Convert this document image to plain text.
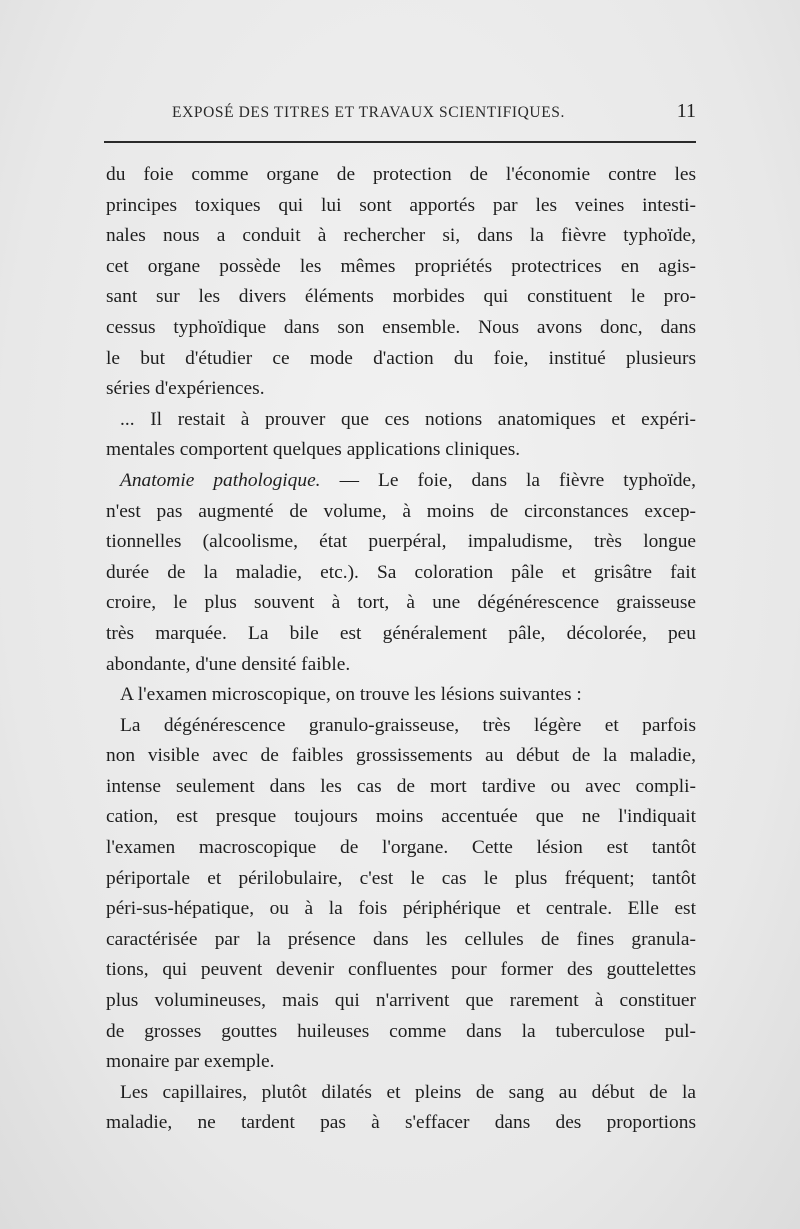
EXPOSÉ DES TITRES ET TRAVAUX SCIENTIFIQUES.	11
du foie comme organe de protection de l'économie contre les
principes toxiques qui lui sont apportés par les veines intesti-
nales nous a conduit à rechercher si, dans la fièvre typhoïde,
cet organe possède les mêmes propriétés protectrices en agis-
sant sur les divers éléments morbides qui constituent le pro-
cessus typhoïdique dans son ensemble. Nous avons donc, dans
le but d'étudier ce mode d'action du foie, institué plusieurs
séries d'expériences.
... Il restait à prouver que ces notions anatomiques et expéri-
mentales comportent quelques applications cliniques.
Anatomie pathologique. — Le foie, dans la fièvre typhoïde,
n'est pas augmenté de volume, à moins de circonstances excep-
tionnelles (alcoolisme, état puerpéral, impaludisme, très longue
durée de la maladie, etc.). Sa coloration pâle et grisâtre fait
croire, le plus souvent à tort, à une dégénérescence graisseuse
très marquée. La bile est généralement pâle, décolorée, peu
abondante, d'une densité faible.
A l'examen microscopique, on trouve les lésions suivantes :
La dégénérescence granulo-graisseuse, très légère et parfois
non visible avec de faibles grossissements au début de la maladie,
intense seulement dans les cas de mort tardive ou avec compli-
cation, est presque toujours moins accentuée que ne l'indiquait
l'examen macroscopique de l'organe. Cette lésion est tantôt
périportale et périlobulaire, c'est le cas le plus fréquent; tantôt
péri-sus-hépatique, ou à la fois périphérique et centrale. Elle est
caractérisée par la présence dans les cellules de fines granula-
tions, qui peuvent devenir confluentes pour former des gouttelettes
plus volumineuses, mais qui n'arrivent que rarement à constituer
de grosses gouttes huileuses comme dans la tuberculose pul-
monaire par exemple.
Les capillaires, plutôt dilatés et pleins de sang au début de la
maladie, ne tardent pas à s'effacer dans des proportions
